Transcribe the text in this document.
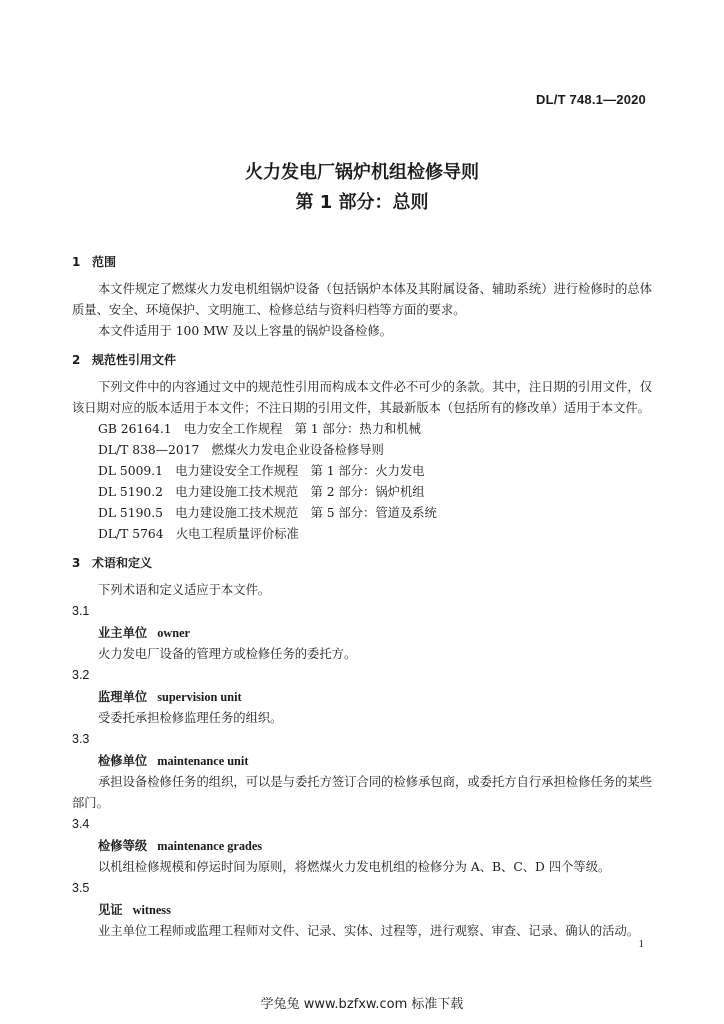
DL/T 748.1—2020
火力发电厂锅炉机组检修导则
第 1 部分：总则
1 范围

本文件规定了燃煤火力发电机组锅炉设备（包括锅炉本体及其附属设备、辅助系统）进行检修时的总体质量、安全、环境保护、文明施工、检修总结与资料归档等方面的要求。

本文件适用于 100 MW 及以上容量的锅炉设备检修。

2 规范性引用文件

下列文件中的内容通过文中的规范性引用而构成本文件必不可少的条款。其中，注日期的引用文件，仅该日期对应的版本适用于本文件；不注日期的引用文件，其最新版本（包括所有的修改单）适用于本文件。

GB 26164.1　电力安全工作规程　第 1 部分：热力和机械
DL/T 838—2017　燃煤火力发电企业设备检修导则
DL 5009.1　电力建设安全工作规程　第 1 部分：火力发电
DL 5190.2　电力建设施工技术规范　第 2 部分：锅炉机组
DL 5190.5　电力建设施工技术规范　第 5 部分：管道及系统
DL/T 5764　火电工程质量评价标准
3 术语和定义

下列术语和定义适应于本文件。

3.1
业主单位 owner

火力发电厂设备的管理方或检修任务的委托方。

3.2
监理单位 supervision unit

受委托承担检修监理任务的组织。

3.3
检修单位 maintenance unit

承担设备检修任务的组织，可以是与委托方签订合同的检修承包商，或委托方自行承担检修任务的某些部门。

3.4
检修等级 maintenance grades

以机组检修规模和停运时间为原则，将燃煤火力发电机组的检修分为 A、B、C、D 四个等级。

3.5
见证 witness

业主单位工程师或监理工程师对文件、记录、实体、过程等，进行观察、审查、记录、确认的活动。

1
学兔兔 www.bzfxw.com 标准下载
